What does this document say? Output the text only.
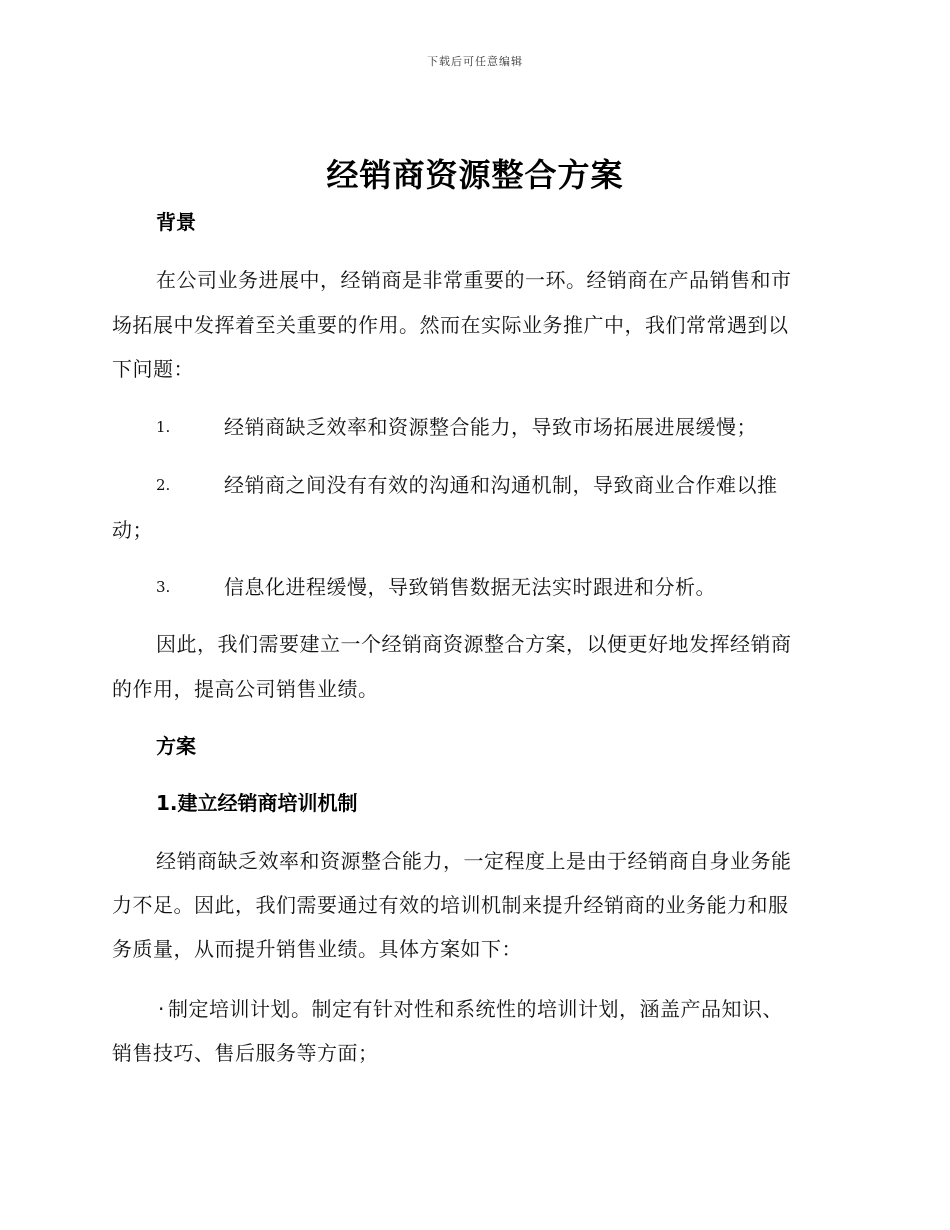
下载后可任意编辑
经销商资源整合方案
背景
在公司业务进展中，经销商是非常重要的一环。经销商在产品销售和市
场拓展中发挥着至关重要的作用。然而在实际业务推广中，我们常常遇到以
下问题：
1.	经销商缺乏效率和资源整合能力，导致市场拓展进展缓慢；
2.	经销商之间没有有效的沟通和沟通机制，导致商业合作难以推
动；
3.	信息化进程缓慢，导致销售数据无法实时跟进和分析。
因此，我们需要建立一个经销商资源整合方案，以便更好地发挥经销商
的作用，提高公司销售业绩。
方案
1.建立经销商培训机制
经销商缺乏效率和资源整合能力，一定程度上是由于经销商自身业务能
力不足。因此，我们需要通过有效的培训机制来提升经销商的业务能力和服
务质量，从而提升销售业绩。具体方案如下：
· 制定培训计划。制定有针对性和系统性的培训计划，涵盖产品知识、
销售技巧、售后服务等方面；
